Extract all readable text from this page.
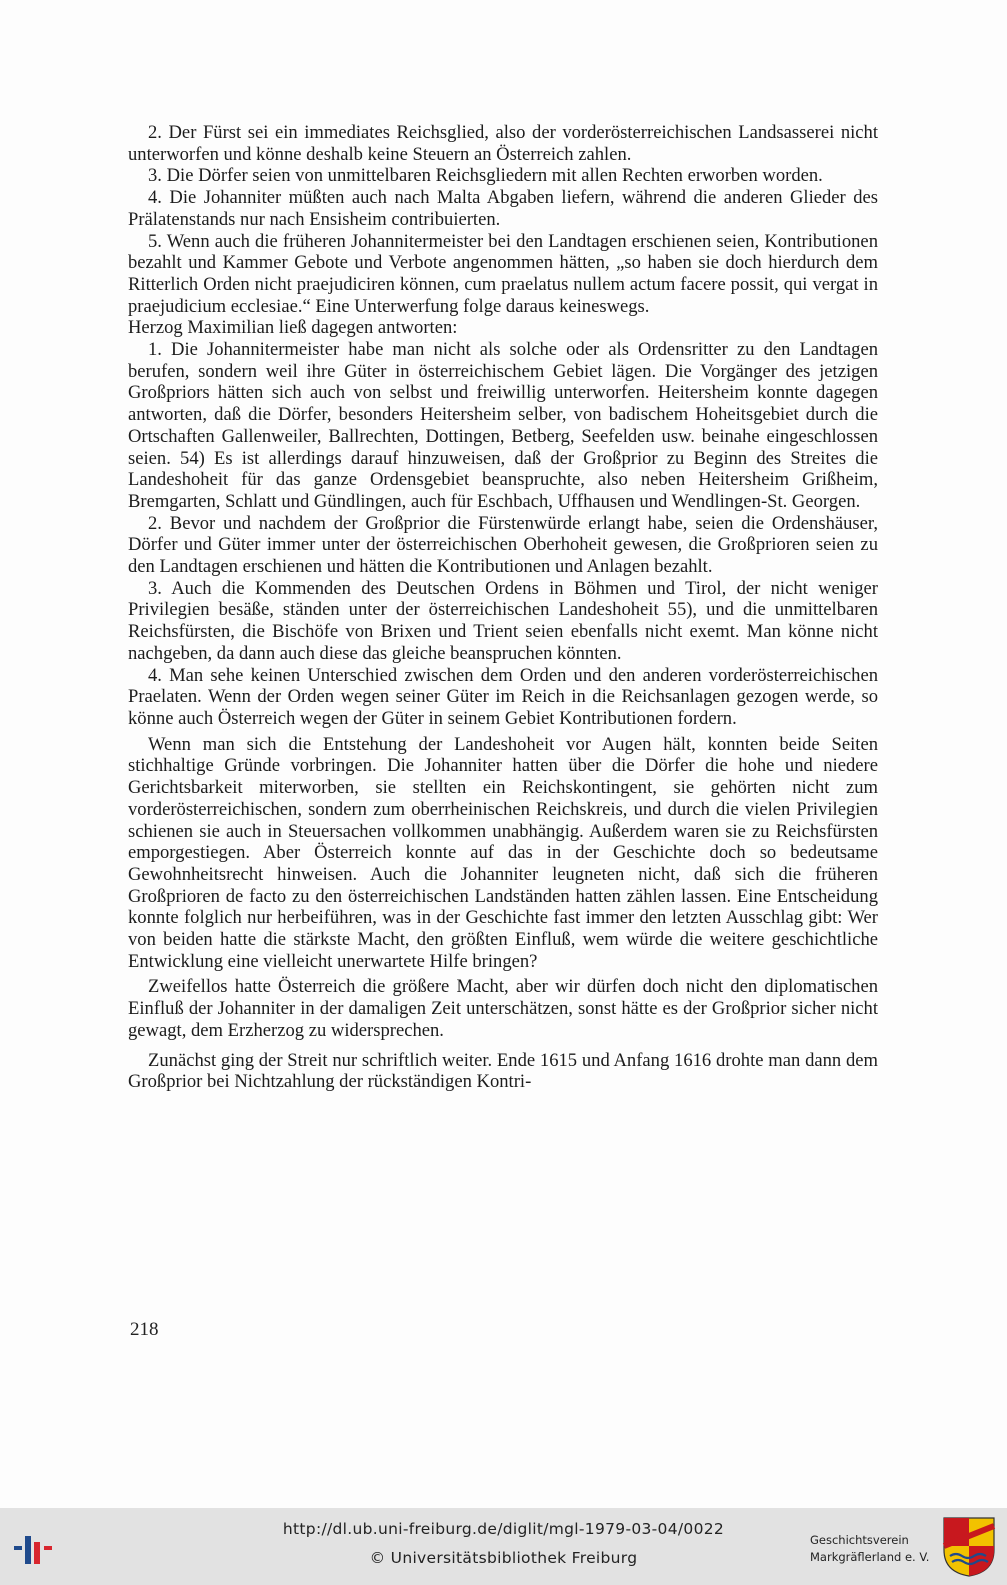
2. Der Fürst sei ein immediates Reichsglied, also der vorderösterreichischen Landsasserei nicht unterworfen und könne deshalb keine Steuern an Österreich zahlen.

3. Die Dörfer seien von unmittelbaren Reichsgliedern mit allen Rechten erworben worden.

4. Die Johanniter müßten auch nach Malta Abgaben liefern, während die anderen Glieder des Prälatenstands nur nach Ensisheim contribuierten.

5. Wenn auch die früheren Johannitermeister bei den Landtagen erschienen seien, Kontributionen bezahlt und Kammer Gebote und Verbote angenommen hätten, „so haben sie doch hierdurch dem Ritterlich Orden nicht praejudiciren können, cum praelatus nullem actum facere possit, qui vergat in praejudicium ecclesiae.“ Eine Unterwerfung folge daraus keineswegs.

Herzog Maximilian ließ dagegen antworten:

1. Die Johannitermeister habe man nicht als solche oder als Ordensritter zu den Landtagen berufen, sondern weil ihre Güter in österreichischem Gebiet lägen. Die Vorgänger des jetzigen Großpriors hätten sich auch von selbst und freiwillig unterworfen. Heitersheim konnte dagegen antworten, daß die Dörfer, besonders Heitersheim selber, von badischem Hoheitsgebiet durch die Ortschaften Gallenweiler, Ballrechten, Dottingen, Betberg, Seefelden usw. beinahe eingeschlossen seien. 54) Es ist allerdings darauf hinzuweisen, daß der Großprior zu Beginn des Streites die Landeshoheit für das ganze Ordensgebiet beanspruchte, also neben Heitersheim Grißheim, Bremgarten, Schlatt und Gündlingen, auch für Eschbach, Uffhausen und Wendlingen-St. Georgen.

2. Bevor und nachdem der Großprior die Fürstenwürde erlangt habe, seien die Ordenshäuser, Dörfer und Güter immer unter der österreichischen Oberhoheit gewesen, die Großprioren seien zu den Landtagen erschienen und hätten die Kontributionen und Anlagen bezahlt.

3. Auch die Kommenden des Deutschen Ordens in Böhmen und Tirol, der nicht weniger Privilegien besäße, ständen unter der österreichischen Landeshoheit 55), und die unmittelbaren Reichsfürsten, die Bischöfe von Brixen und Trient seien ebenfalls nicht exemt. Man könne nicht nachgeben, da dann auch diese das gleiche beanspruchen könnten.

4. Man sehe keinen Unterschied zwischen dem Orden und den anderen vorderösterreichischen Praelaten. Wenn der Orden wegen seiner Güter im Reich in die Reichsanlagen gezogen werde, so könne auch Österreich wegen der Güter in seinem Gebiet Kontributionen fordern.

Wenn man sich die Entstehung der Landeshoheit vor Augen hält, konnten beide Seiten stichhaltige Gründe vorbringen. Die Johanniter hatten über die Dörfer die hohe und niedere Gerichtsbarkeit miterworben, sie stellten ein Reichskontingent, sie gehörten nicht zum vorderösterreichischen, sondern zum oberrheinischen Reichskreis, und durch die vielen Privilegien schienen sie auch in Steuersachen vollkommen unabhängig. Außerdem waren sie zu Reichsfürsten emporgestiegen. Aber Österreich konnte auf das in der Geschichte doch so bedeutsame Gewohnheitsrecht hinweisen. Auch die Johanniter leugneten nicht, daß sich die früheren Großprioren de facto zu den österreichischen Landständen hatten zählen lassen. Eine Entscheidung konnte folglich nur herbeiführen, was in der Geschichte fast immer den letzten Ausschlag gibt: Wer von beiden hatte die stärkste Macht, den größten Einfluß, wem würde die weitere geschichtliche Entwicklung eine vielleicht unerwartete Hilfe bringen?

Zweifellos hatte Österreich die größere Macht, aber wir dürfen doch nicht den diplomatischen Einfluß der Johanniter in der damaligen Zeit unterschätzen, sonst hätte es der Großprior sicher nicht gewagt, dem Erzherzog zu widersprechen.

Zunächst ging der Streit nur schriftlich weiter. Ende 1615 und Anfang 1616 drohte man dann dem Großprior bei Nichtzahlung der rückständigen Kontri-

218
http://dl.ub.uni-freiburg.de/diglit/mgl-1979-03-04/0022
© Universitätsbibliothek Freiburg
Geschichtsverein
Markgräflerland e. V.
